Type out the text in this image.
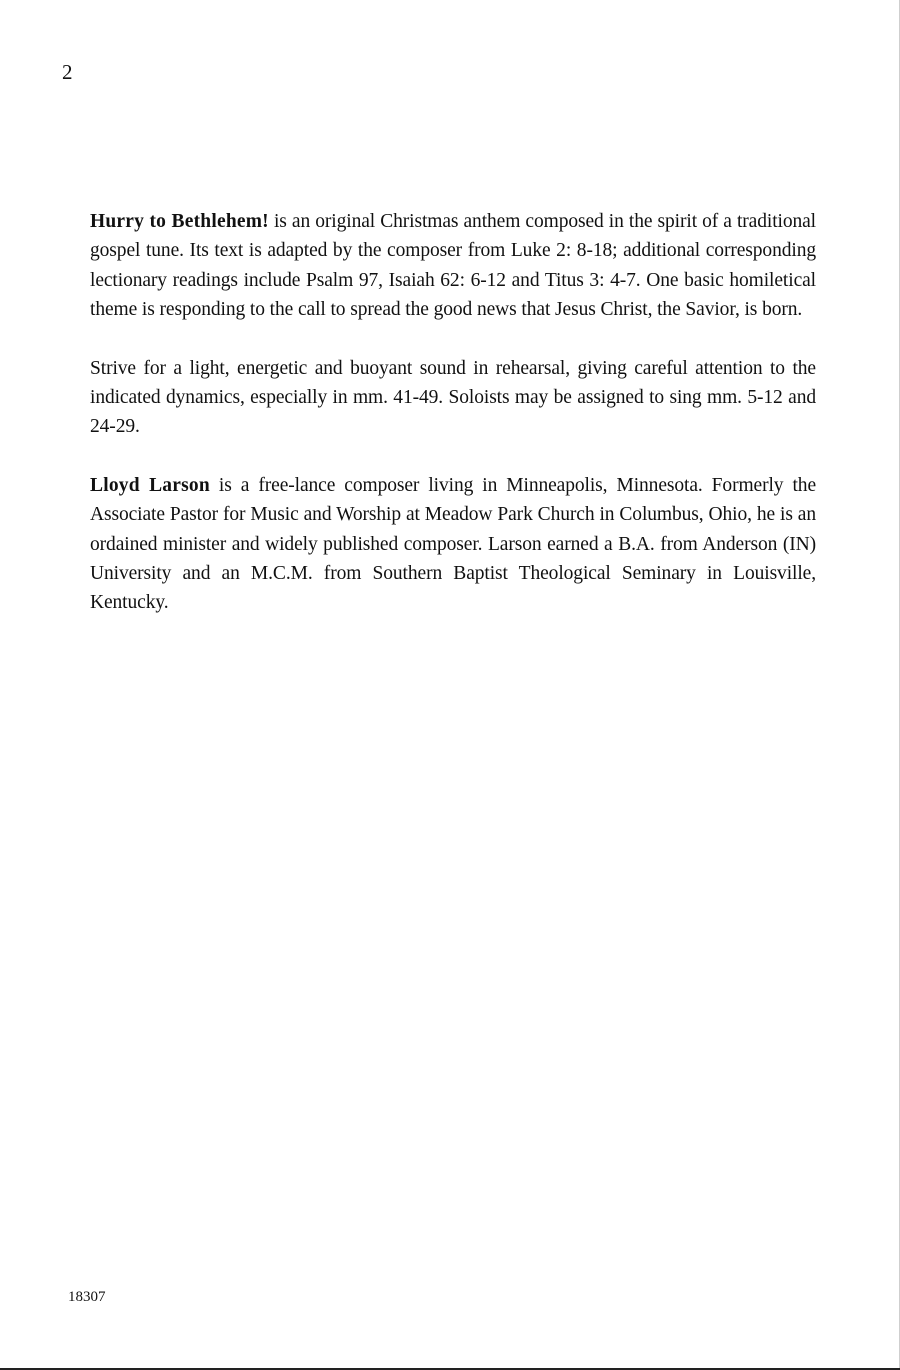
2

Hurry to Bethlehem! is an original Christmas anthem composed in the spirit of a traditional gospel tune. Its text is adapted by the composer from Luke 2: 8-18; additional corresponding lectionary readings include Psalm 97, Isaiah 62: 6-12 and Titus 3: 4-7. One basic homiletical theme is responding to the call to spread the good news that Jesus Christ, the Savior, is born.

Strive for a light, energetic and buoyant sound in rehearsal, giving careful attention to the indicated dynamics, especially in mm. 41-49. Soloists may be assigned to sing mm. 5-12 and 24-29.

Lloyd Larson is a free-lance composer living in Minneapolis, Minnesota. Formerly the Associate Pastor for Music and Worship at Meadow Park Church in Columbus, Ohio, he is an ordained minister and widely published composer. Larson earned a B.A. from Anderson (IN) University and an M.C.M. from Southern Baptist Theological Seminary in Louisville, Kentucky.

18307
